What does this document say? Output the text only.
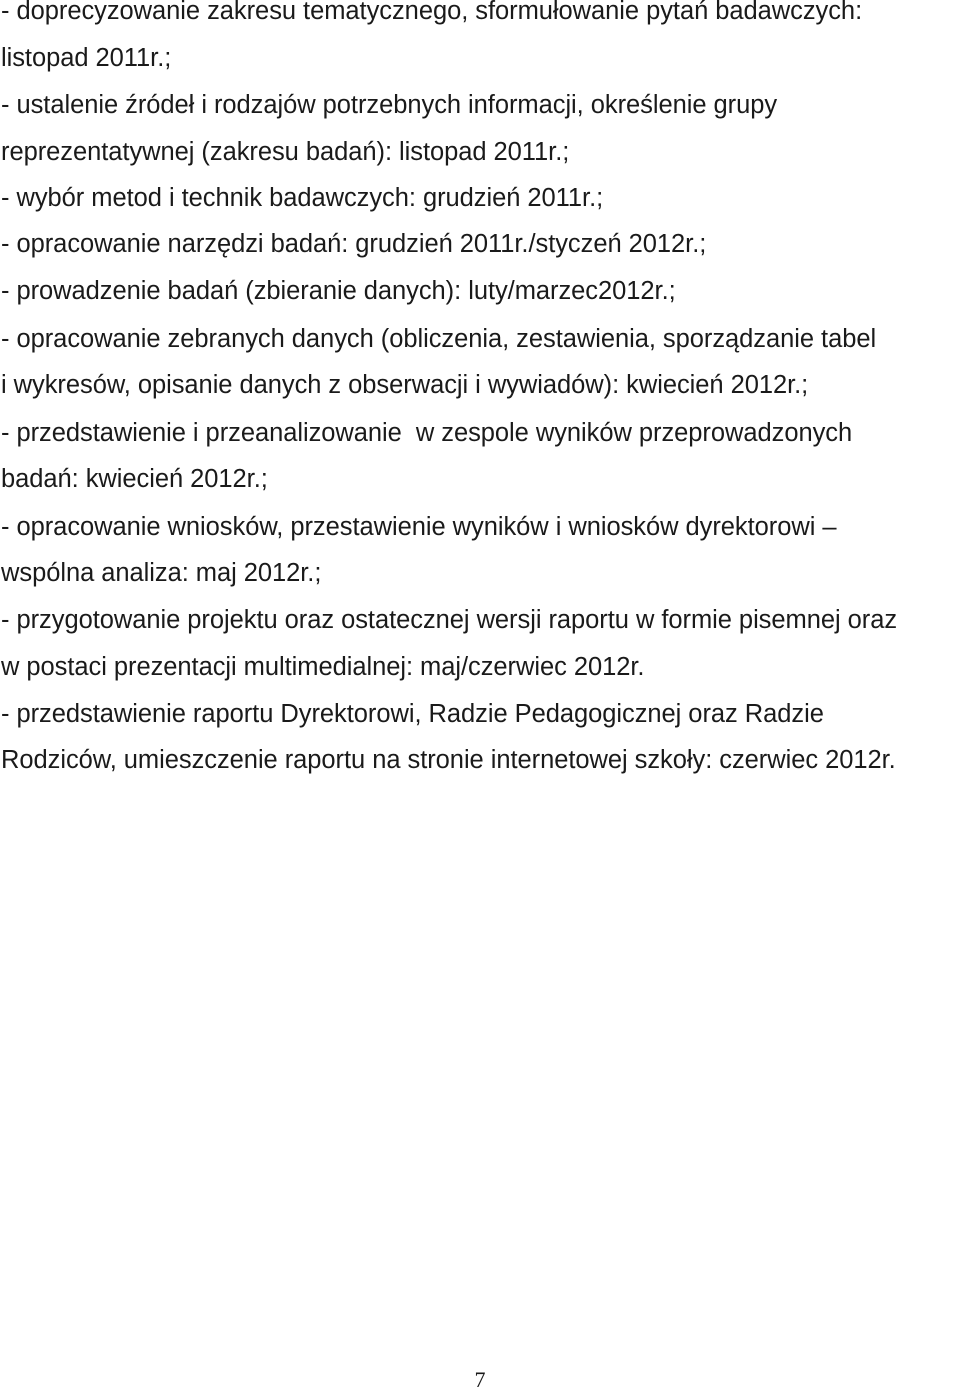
- doprecyzowanie zakresu tematycznego, sformułowanie pytań badawczych:
listopad 2011r.;
- ustalenie źródeł i rodzajów potrzebnych informacji, określenie grupy
reprezentatywnej (zakresu badań): listopad 2011r.;
- wybór metod i technik badawczych: grudzień 2011r.;
- opracowanie narzędzi badań: grudzień 2011r./styczeń 2012r.;
- prowadzenie badań (zbieranie danych): luty/marzec2012r.;
- opracowanie zebranych danych (obliczenia, zestawienia, sporządzanie tabel
i wykresów, opisanie danych z obserwacji i wywiadów): kwiecień 2012r.;
- przedstawienie i przeanalizowanie  w zespole wyników przeprowadzonych
badań: kwiecień 2012r.;
- opracowanie wniosków, przestawienie wyników i wniosków dyrektorowi –
wspólna analiza: maj 2012r.;
- przygotowanie projektu oraz ostatecznej wersji raportu w formie pisemnej oraz
w postaci prezentacji multimedialnej: maj/czerwiec 2012r.
- przedstawienie raportu Dyrektorowi, Radzie Pedagogicznej oraz Radzie
Rodziców, umieszczenie raportu na stronie internetowej szkoły: czerwiec 2012r.
7
